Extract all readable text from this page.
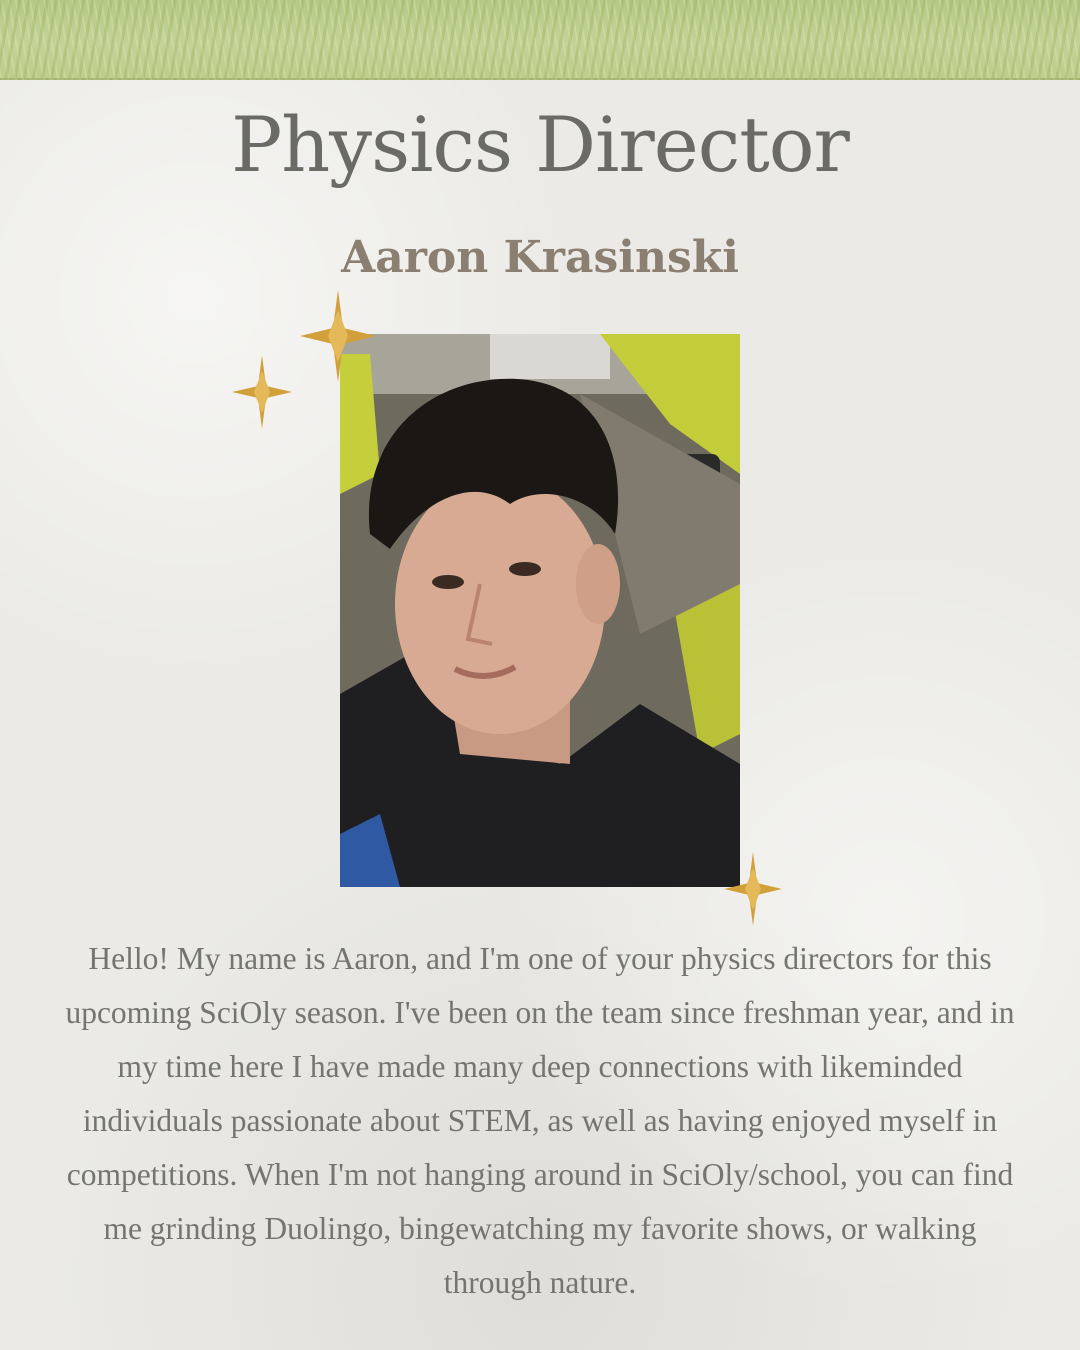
Physics Director
Aaron Krasinski

Hello! My name is Aaron, and I'm one of your physics directors for this upcoming SciOly season. I've been on the team since freshman year, and in my time here I have made many deep connections with likeminded individuals passionate about STEM, as well as having enjoyed myself in competitions. When I'm not hanging around in SciOly/school, you can find me grinding Duolingo, bingewatching my favorite shows, or walking through nature.
